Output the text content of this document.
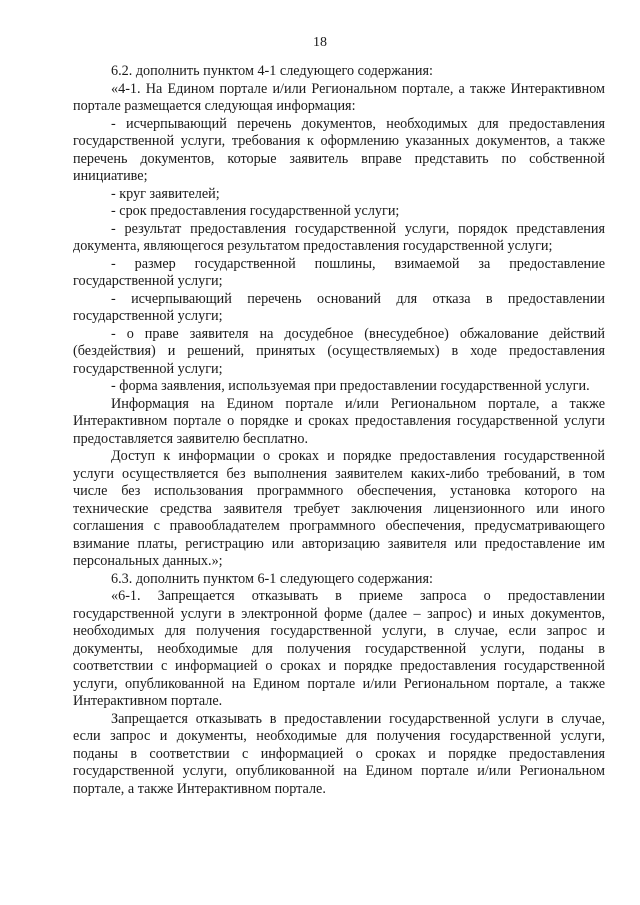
18

6.2. дополнить пунктом 4-1 следующего содержания:

«4-1. На Едином портале и/или Региональном портале, а также Интерактивном портале размещается следующая информация:

- исчерпывающий перечень документов, необходимых для предоставления государственной услуги, требования к оформлению указанных документов, а также перечень документов, которые заявитель вправе представить по собственной инициативе;

- круг заявителей;

- срок предоставления государственной услуги;

- результат предоставления государственной услуги, порядок представления документа, являющегося результатом предоставления государственной услуги;

- размер государственной пошлины, взимаемой за предоставление государственной услуги;

- исчерпывающий перечень оснований для отказа в предоставлении государственной услуги;

- о праве заявителя на досудебное (внесудебное) обжалование действий (бездействия) и решений, принятых (осуществляемых) в ходе предоставления государственной услуги;

- форма заявления, используемая при предоставлении государственной услуги.

Информация на Едином портале и/или Региональном портале, а также Интерактивном портале о порядке и сроках предоставления государственной услуги предоставляется заявителю бесплатно.

Доступ к информации о сроках и порядке предоставления государственной услуги осуществляется без выполнения заявителем каких-либо требований, в том числе без использования программного обеспечения, установка которого на технические средства заявителя требует заключения лицензионного или иного соглашения с правообладателем программного обеспечения, предусматривающего взимание платы, регистрацию или авторизацию заявителя или предоставление им персональных данных.»;

6.3. дополнить пунктом 6-1 следующего содержания:

«6-1. Запрещается отказывать в приеме запроса о предоставлении государственной услуги в электронной форме (далее – запрос) и иных документов, необходимых для получения государственной услуги, в случае, если запрос и документы, необходимые для получения государственной услуги, поданы в соответствии с информацией о сроках и порядке предоставления государственной услуги, опубликованной на Едином портале и/или Региональном портале, а также Интерактивном портале.

Запрещается отказывать в предоставлении государственной услуги в случае, если запрос и документы, необходимые для получения государственной услуги, поданы в соответствии с информацией о сроках и порядке предоставления государственной услуги, опубликованной на Едином портале и/или Региональном портале, а также Интерактивном портале.
